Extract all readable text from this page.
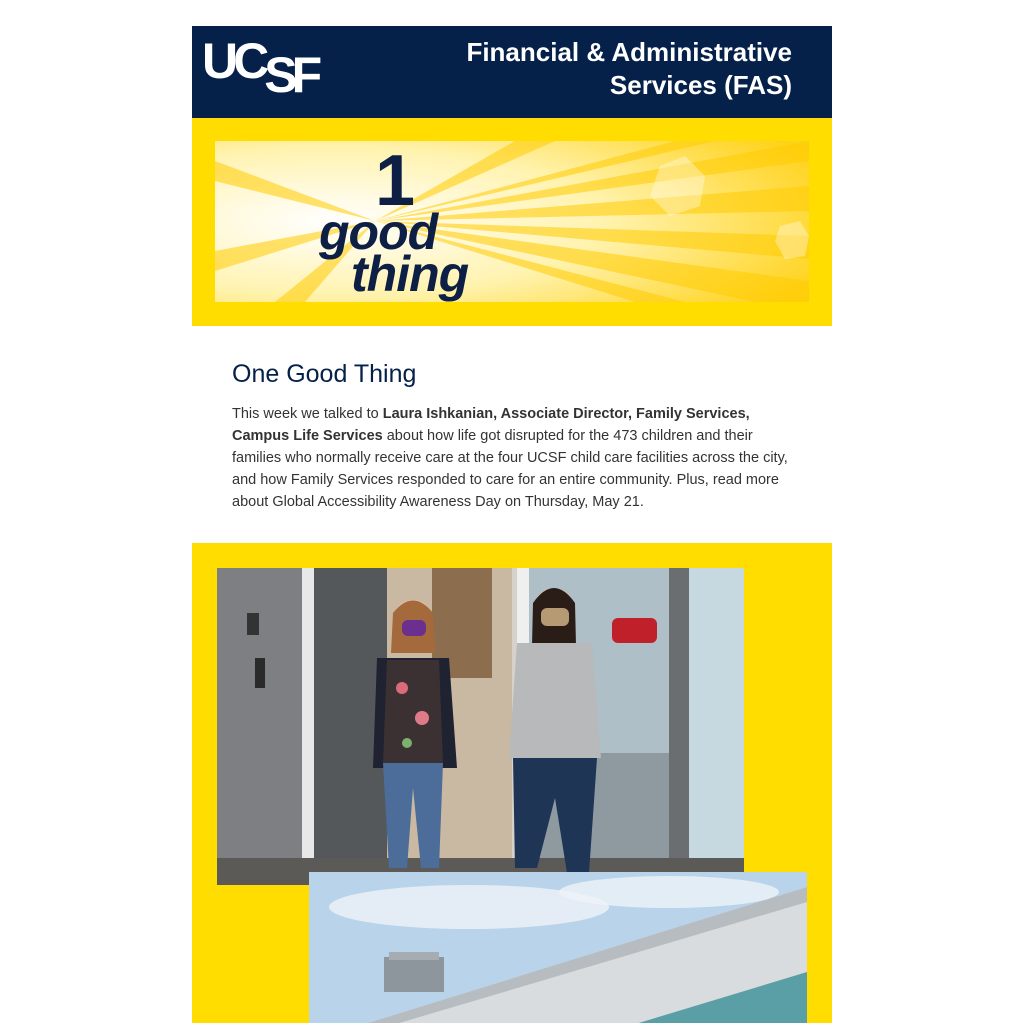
UCSF	Financial & Administrative
Services (FAS)
1
good
thing
One Good Thing

This week we talked to Laura Ishkanian, Associate Director, Family Services, Campus Life Services about how life got disrupted for the 473 children and their families who normally receive care at the four UCSF child care facilities across the city, and how Family Services responded to care for an entire community. Plus, read more about Global Accessibility Awareness Day on Thursday, May 21.
